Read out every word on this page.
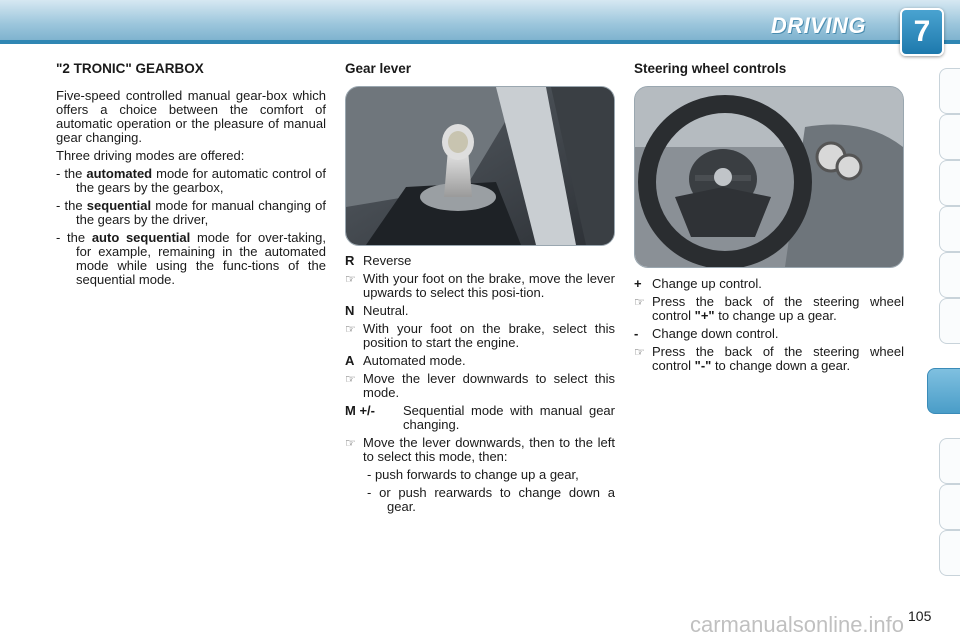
DRIVING	7
"2 TRONIC" GEARBOX

Five-speed controlled manual gear-box which offers a choice between the comfort of automatic operation or the pleasure of manual gear changing.

Three driving modes are offered:

- the automated mode for automatic control of the gears by the gearbox,

- the sequential mode for manual changing of the gears by the driver,

- the auto sequential mode for over-taking, for example, remaining in the automated mode while using the func-tions of the sequential mode.

Gear lever
R Reverse
☞ With your foot on the brake, move the lever upwards to select this posi-tion.
N Neutral.
☞ With your foot on the brake, select this position to start the engine.
A Automated mode.
☞ Move the lever downwards to select this mode.
M +/-	Sequential mode with manual gear changing.
☞ Move the lever downwards, then to the left to select this mode, then:

- push forwards to change up a gear,

- or push rearwards to change down a gear.

Steering wheel controls
+ Change up control.
☞ Press the back of the steering wheel control "+" to change up a gear.
-	Change down control.
☞ Press the back of the steering wheel control "-" to change down a gear.
carmanualsonline.info 105
